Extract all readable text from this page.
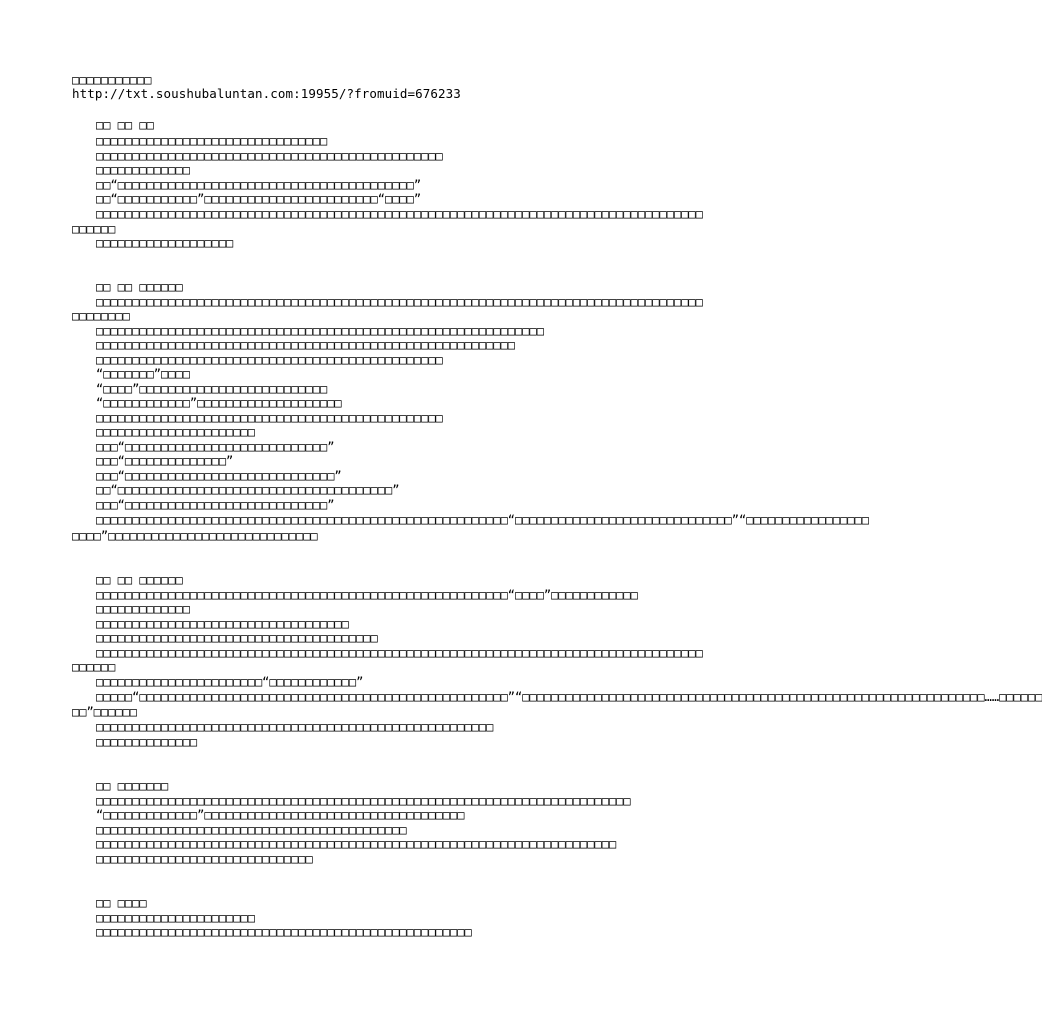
□□□□□□□□□□□
http://txt.soushubaluntan.com:19955/?fromuid=676233
□□ □□ □□
□□□□□□□□□□□□□□□□□□□□□□□□□□□□□□□□
□□□□□□□□□□□□□□□□□□□□□□□□□□□□□□□□□□□□□□□□□□□□□□□□
□□□□□□□□□□□□□
□□“□□□□□□□□□□□□□□□□□□□□□□□□□□□□□□□□□□□□□□□□□”
□□“□□□□□□□□□□□”□□□□□□□□□□□□□□□□□□□□□□□□“□□□□”
□□□□□□□□□□□□□□□□□□□□□□□□□□□□□□□□□□□□□□□□□□□□□□□□□□□□□□□□□□□□□□□□□□□□□□□□□□□□□□□□□□□□
□□□□□□
□□□□□□□□□□□□□□□□□□□
□□ □□ □□□□□□
□□□□□□□□□□□□□□□□□□□□□□□□□□□□□□□□□□□□□□□□□□□□□□□□□□□□□□□□□□□□□□□□□□□□□□□□□□□□□□□□□□□□
□□□□□□□□
□□□□□□□□□□□□□□□□□□□□□□□□□□□□□□□□□□□□□□□□□□□□□□□□□□□□□□□□□□□□□□
□□□□□□□□□□□□□□□□□□□□□□□□□□□□□□□□□□□□□□□□□□□□□□□□□□□□□□□□□□
□□□□□□□□□□□□□□□□□□□□□□□□□□□□□□□□□□□□□□□□□□□□□□□□
“□□□□□□□”□□□□
“□□□□”□□□□□□□□□□□□□□□□□□□□□□□□□□
“□□□□□□□□□□□□”□□□□□□□□□□□□□□□□□□□□
□□□□□□□□□□□□□□□□□□□□□□□□□□□□□□□□□□□□□□□□□□□□□□□□
□□□□□□□□□□□□□□□□□□□□□□
□□□“□□□□□□□□□□□□□□□□□□□□□□□□□□□□”
□□□“□□□□□□□□□□□□□□”
□□□“□□□□□□□□□□□□□□□□□□□□□□□□□□□□□”
□□“□□□□□□□□□□□□□□□□□□□□□□□□□□□□□□□□□□□□□□”
□□□“□□□□□□□□□□□□□□□□□□□□□□□□□□□□”
□□□□□□□□□□□□□□□□□□□□□□□□□□□□□□□□□□□□□□□□□□□□□□□□□□□□□□□□□“□□□□□□□□□□□□□□□□□□□□□□□□□□□□□□”“□□□□□□□□□□□□□□□□□
□□□□”□□□□□□□□□□□□□□□□□□□□□□□□□□□□□
□□ □□ □□□□□□
□□□□□□□□□□□□□□□□□□□□□□□□□□□□□□□□□□□□□□□□□□□□□□□□□□□□□□□□□“□□□□”□□□□□□□□□□□□
□□□□□□□□□□□□□
□□□□□□□□□□□□□□□□□□□□□□□□□□□□□□□□□□□
□□□□□□□□□□□□□□□□□□□□□□□□□□□□□□□□□□□□□□□
□□□□□□□□□□□□□□□□□□□□□□□□□□□□□□□□□□□□□□□□□□□□□□□□□□□□□□□□□□□□□□□□□□□□□□□□□□□□□□□□□□□□
□□□□□□
□□□□□□□□□□□□□□□□□□□□□□□“□□□□□□□□□□□□”
□□□□□“□□□□□□□□□□□□□□□□□□□□□□□□□□□□□□□□□□□□□□□□□□□□□□□□□□□”“□□□□□□□□□□□□□□□□□□□□□□□□□□□□□□□□□□□□□□□□□□□□□□□□□□□□□□□□□□□□□□□□……□□□□□□
□□”□□□□□□
□□□□□□□□□□□□□□□□□□□□□□□□□□□□□□□□□□□□□□□□□□□□□□□□□□□□□□□
□□□□□□□□□□□□□□
□□ □□□□□□□
□□□□□□□□□□□□□□□□□□□□□□□□□□□□□□□□□□□□□□□□□□□□□□□□□□□□□□□□□□□□□□□□□□□□□□□□□□
“□□□□□□□□□□□□□”□□□□□□□□□□□□□□□□□□□□□□□□□□□□□□□□□□□□
□□□□□□□□□□□□□□□□□□□□□□□□□□□□□□□□□□□□□□□□□□□
□□□□□□□□□□□□□□□□□□□□□□□□□□□□□□□□□□□□□□□□□□□□□□□□□□□□□□□□□□□□□□□□□□□□□□□□
□□□□□□□□□□□□□□□□□□□□□□□□□□□□□□
□□ □□□□
□□□□□□□□□□□□□□□□□□□□□□
□□□□□□□□□□□□□□□□□□□□□□□□□□□□□□□□□□□□□□□□□□□□□□□□□□□□
